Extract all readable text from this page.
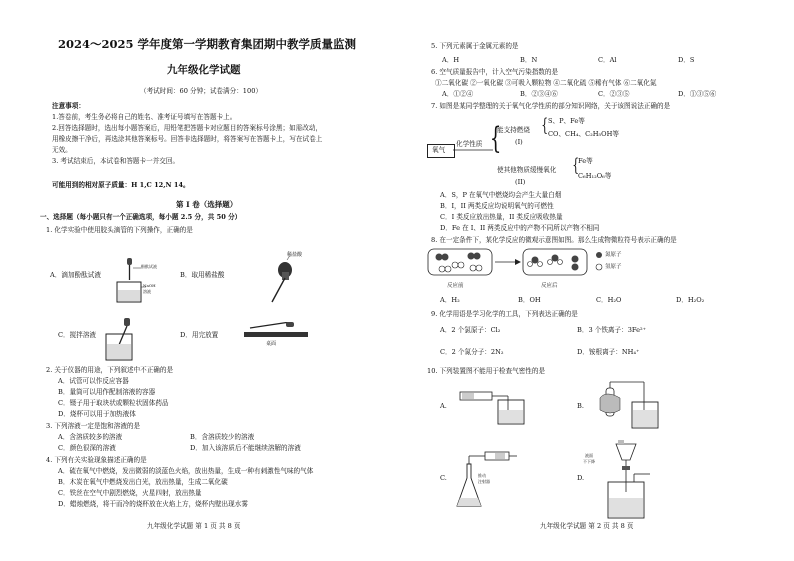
2024～2025 学年度第一学期教育集团期中教学质量监测
九年级化学试题
（考试时间：60 分钟；试卷满分：100）
注意事项：
1.答卷前，考生务必将自己的姓名、准考证号填写在答题卡上。
2.回答选择题时，选出每小题答案后，用铅笔把答题卡对应题目的答案标号涂黑；如需改动，
用橡皮擦干净后，再选涂其他答案标号。回答非选择题时，将答案写在答题卡上，写在试卷上
无效。
3. 考试结束后，本试卷和答题卡一并交回。
可能用到的相对原子质量：H 1,C 12,N 14。
第 I 卷（选择题）
一、选择题（每小题只有一个正确选项，每小题 2.5 分，共 50 分）
1. 化学实验中使用胶头滴管的下列操作，正确的是
酚酞试液
NaOH
溶液
A．滴加酚酞试液
稀盐酸
B．取用稀盐酸
C．搅拌溶液
桌面
D．用完放置
2. 关于仪器的用途，下列叙述中不正确的是
A．试管可以作反应容器
B．量筒可以用作配制溶液的容器
C．镊子用于取块状或颗粒状固体药品
D．烧杯可以用于加热液体
3. 下列溶液一定是饱和溶液的是
A．含溶质较多的溶液	B．含溶质较少的溶液
C．颜色很深的溶液	D．加入该溶质后不能继续溶解的溶液
4. 下列有关实验现象描述正确的是
A．硫在氧气中燃烧，发出微弱的淡蓝色火焰，放出热量，生成一种有刺激性气味的气体
B．木炭在氧气中燃烧发出白光，放出热量，生成二氧化碳
C．铁丝在空气中剧烈燃烧，火星四射，放出热量
D．蜡烛燃烧，将干而冷的烧杯放在火焰上方，烧杯内壁出现水雾
九年级化学试题 第 1 页 共 8 页
5. 下列元素属于金属元素的是
A．H	B．N	C．Al	D．S
6. 空气质量报告中，计入空气污染指数的是
①二氧化碳 ②一氧化碳 ③可吸入颗粒物 ④二氧化硫 ⑤稀有气体 ⑥二氧化氮
A．①②④	B．②③④⑥	C．②③⑤	D．①③⑤⑥
7. 如图是某同学整理的关于氧气化学性质的部分知识网络，关于该图说法正确的是
氧气
化学性质 {
能支持燃烧
(I)
{ S、P、Fe等
CO、CH₄、C₂H₅OH等
使其他物质缓慢氧化
(II)
{
Fe等
C₆H₁₂O₆等
A．S，P 在氧气中燃烧均会产生大量白烟
B．I，II 两类反应均说明氧气的可燃性
C．I 类反应放出热量，II 类反应吸收热量
D．Fe 在 I、II 两类反应中的产物不同所以产物不相同
8. 在一定条件下，某化学反应的微观示意图如图。那么生成物微粒符号表示正确的是
氮原子
氢原子
反应前	反应后
A．H₂	B．OH	C．H₂O	D．H₂O₂
9. 化学用语是学习化学的工具，下列表达正确的是
A．2 个氯原子：Cl₂	B．3 个铁离子：3Fe²⁺
C．2 个氮分子：2N₂	D．铵根离子：NH₄⁺
10. 下列装置图不能用于检查气密性的是
A.	B.
C.	推动
注射器	D.
液面
不下降
九年级化学试题 第 2 页 共 8 页
